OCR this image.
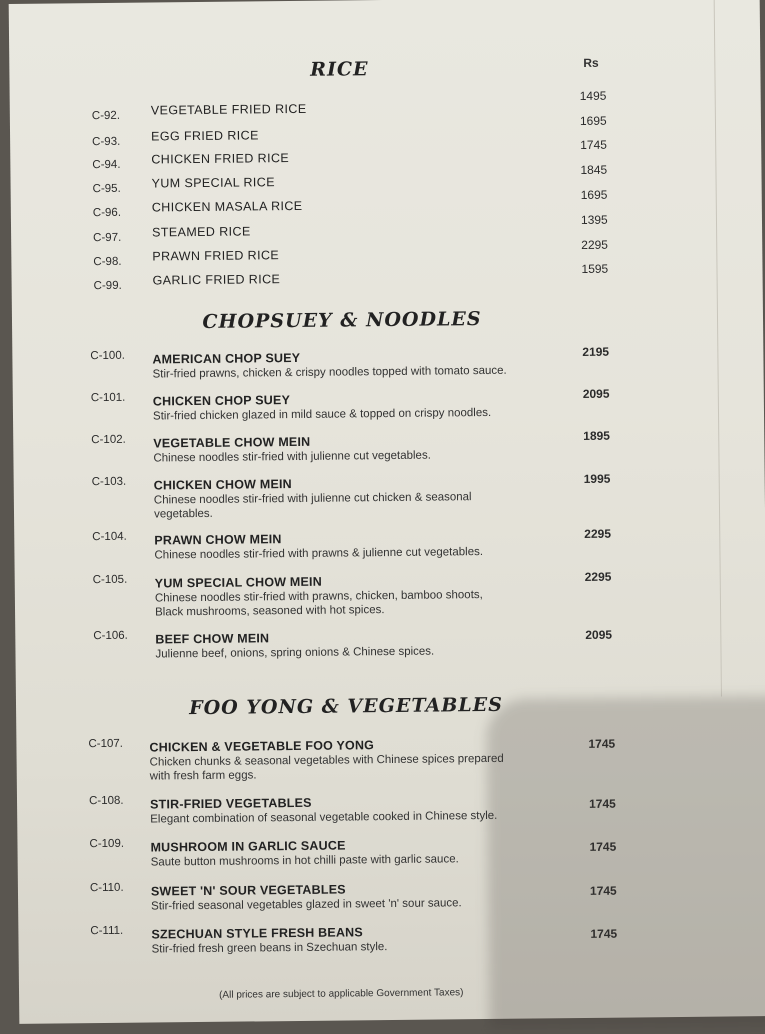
RICE	Rs
C-92. VEGETABLE FRIED RICE
1495
C-93. EGG FRIED RICE
1695
C-94. CHICKEN FRIED RICE
1745
C-95. YUM SPECIAL RICE
1845
C-96. CHICKEN MASALA RICE
1695
C-97. STEAMED RICE
1395
C-98. PRAWN FRIED RICE
2295
C-99. GARLIC FRIED RICE
1595
CHOPSUEY & NOODLES
C-100. AMERICAN CHOP SUEY
Stir-fried prawns, chicken & crispy noodles topped with tomato sauce.
2195
C-101. CHICKEN CHOP SUEY
Stir-fried chicken glazed in mild sauce & topped on crispy noodles.
2095
C-102. VEGETABLE CHOW MEIN
Chinese noodles stir-fried with julienne cut vegetables.
1895
C-103. CHICKEN CHOW MEIN
Chinese noodles stir-fried with julienne cut chicken & seasonal
vegetables.
1995
C-104. PRAWN CHOW MEIN
Chinese noodles stir-fried with prawns & julienne cut vegetables.
2295
C-105. YUM SPECIAL CHOW MEIN
Chinese noodles stir-fried with prawns, chicken, bamboo shoots,
Black mushrooms, seasoned with hot spices.
2295
C-106. BEEF CHOW MEIN
Julienne beef, onions, spring onions & Chinese spices.
2095
FOO YONG & VEGETABLES
C-107. CHICKEN & VEGETABLE FOO YONG
Chicken chunks & seasonal vegetables with Chinese spices prepared
with fresh farm eggs.
1745
C-108. STIR-FRIED VEGETABLES
Elegant combination of seasonal vegetable cooked in Chinese style.
1745
C-109. MUSHROOM IN GARLIC SAUCE
Saute button mushrooms in hot chilli paste with garlic sauce.
1745
C-110. SWEET 'N' SOUR VEGETABLES
Stir-fried seasonal vegetables glazed in sweet 'n' sour sauce.
1745
C-111. SZECHUAN STYLE FRESH BEANS
Stir-fried fresh green beans in Szechuan style.
1745
(All prices are subject to applicable Government Taxes)
